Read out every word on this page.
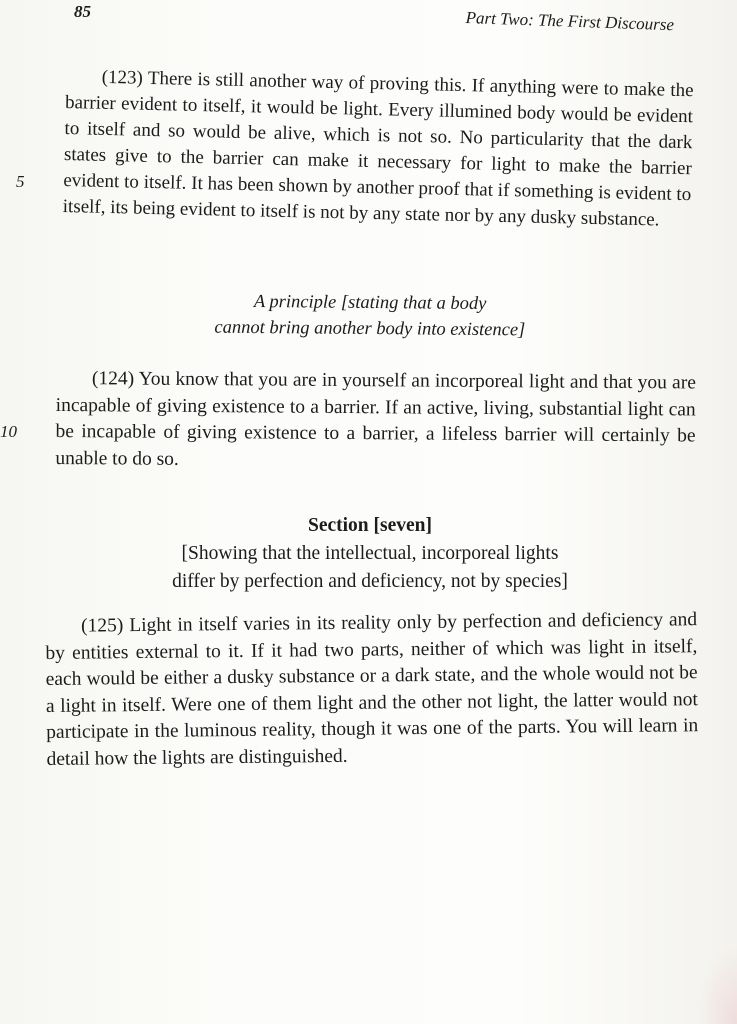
85	Part Two: The First Discourse
5
10

(123) There is still another way of proving this. If anything were to make the barrier evident to itself, it would be light. Every illumined body would be evident to itself and so would be alive, which is not so. No particularity that the dark states give to the barrier can make it necessary for light to make the barrier evident to itself. It has been shown by another proof that if something is evident to itself, its being evident to itself is not by any state nor by any dusky substance.

A principle [stating that a body
cannot bring another body into existence]

(124) You know that you are in yourself an incorporeal light and that you are incapable of giving existence to a barrier. If an active, living, substantial light can be incapable of giving existence to a barrier, a lifeless barrier will certainly be unable to do so.

Section [seven]
[Showing that the intellectual, incorporeal lights
differ by perfection and deficiency, not by species]

(125) Light in itself varies in its reality only by perfection and deficiency and by entities external to it. If it had two parts, neither of which was light in itself, each would be either a dusky substance or a dark state, and the whole would not be a light in itself. Were one of them light and the other not light, the latter would not participate in the luminous reality, though it was one of the parts. You will learn in detail how the lights are distinguished.
